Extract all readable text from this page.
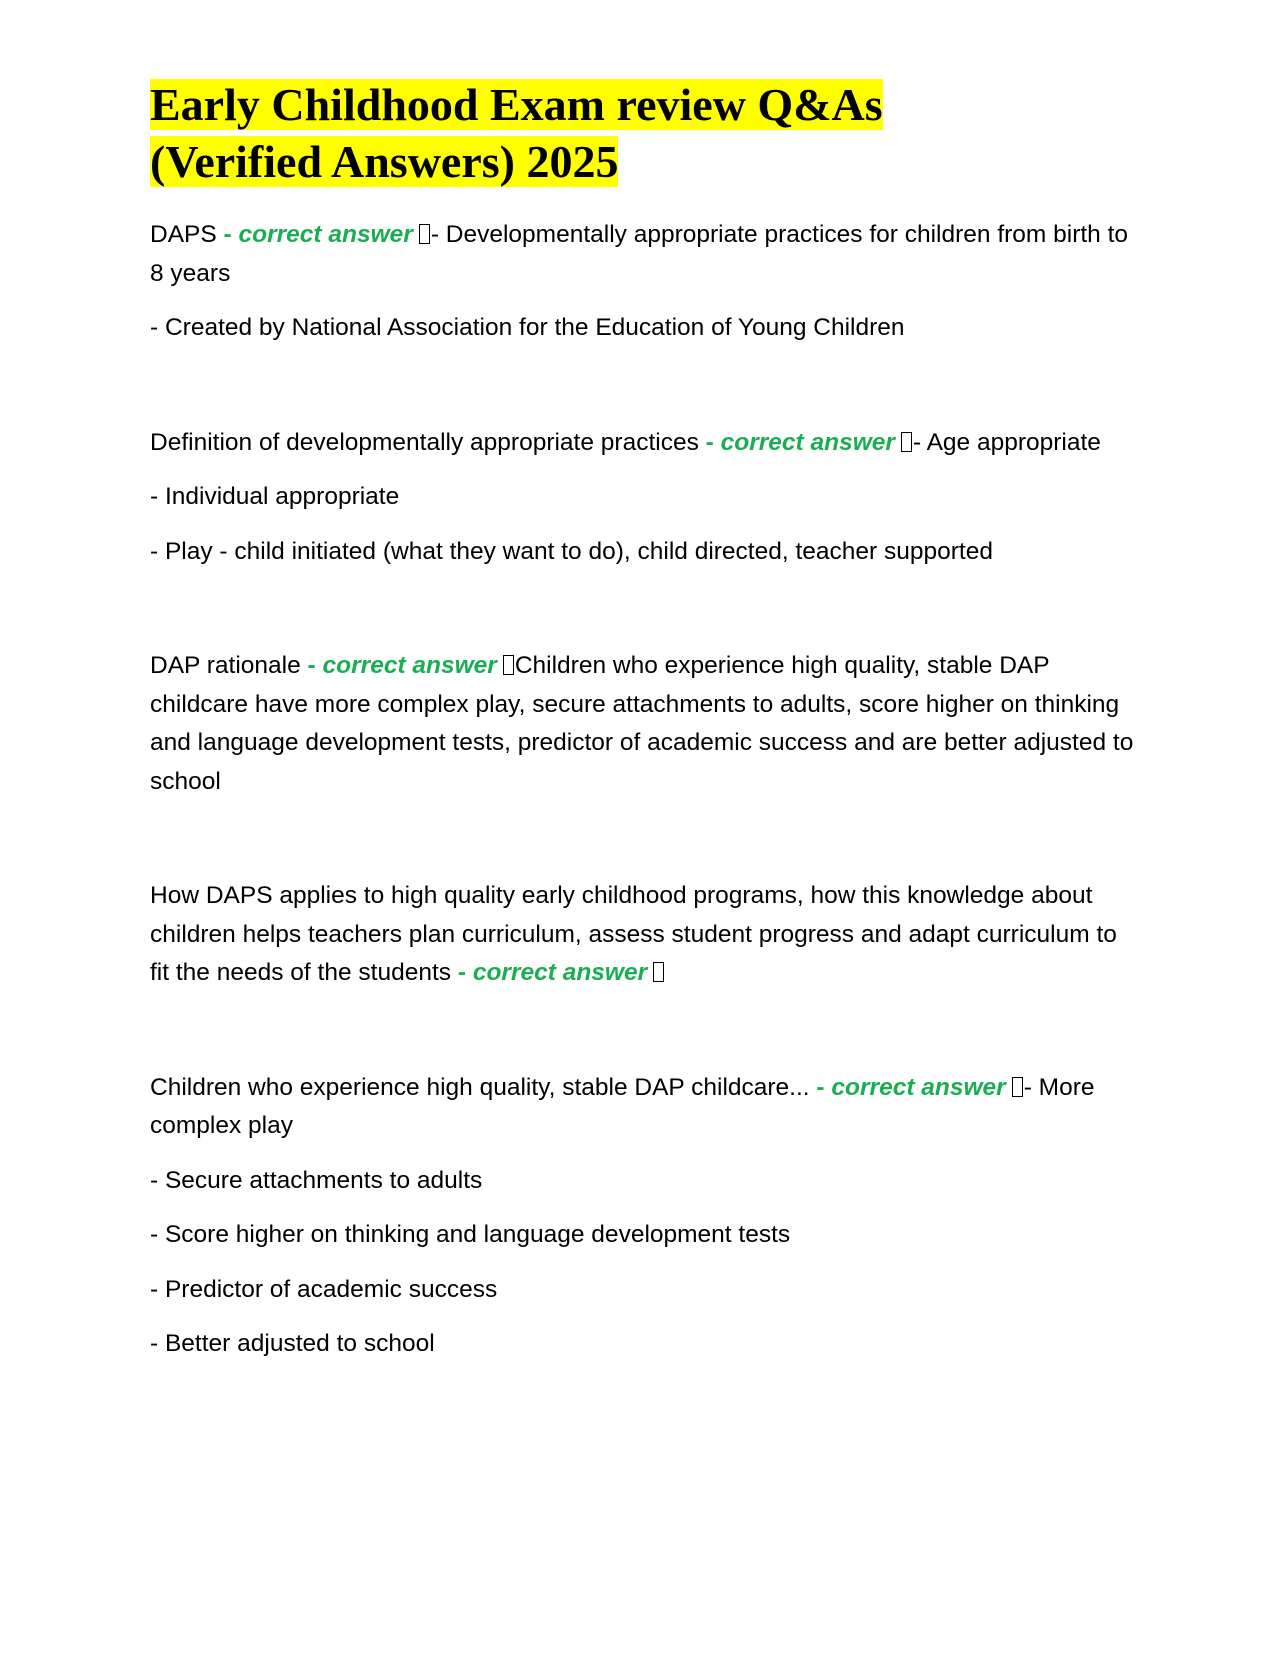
Early Childhood Exam review Q&As
(Verified Answers) 2025

DAPS - correct answer - Developmentally appropriate practices for children from birth to 8 years

- Created by National Association for the Education of Young Children

Definition of developmentally appropriate practices - correct answer - Age appropriate

- Individual appropriate

- Play - child initiated (what they want to do), child directed, teacher supported

DAP rationale - correct answer Children who experience high quality, stable DAP childcare have more complex play, secure attachments to adults, score higher on thinking and language development tests, predictor of academic success and are better adjusted to school

How DAPS applies to high quality early childhood programs, how this knowledge about children helps teachers plan curriculum, assess student progress and adapt curriculum to fit the needs of the students - correct answer

Children who experience high quality, stable DAP childcare... - correct answer - More complex play

- Secure attachments to adults

- Score higher on thinking and language development tests

- Predictor of academic success

- Better adjusted to school
